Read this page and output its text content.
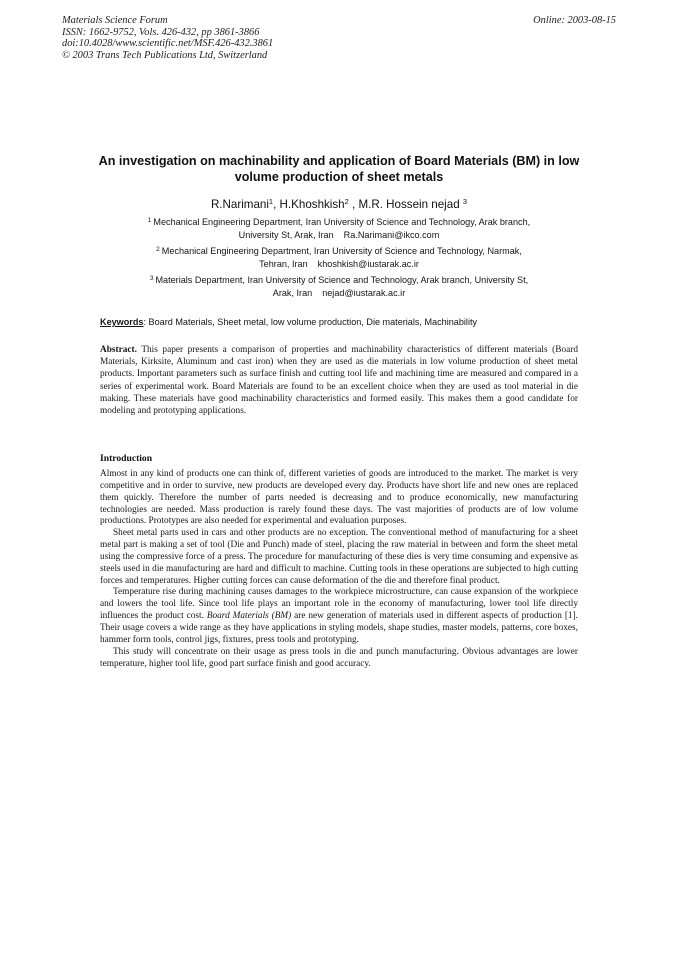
Materials Science Forum
ISSN: 1662-9752, Vols. 426-432, pp 3861-3866
doi:10.4028/www.scientific.net/MSF.426-432.3861
© 2003 Trans Tech Publications Ltd, Switzerland
Online: 2003-08-15
An investigation on machinability and application of Board Materials (BM) in low volume production of sheet metals
R.Narimani$^1$, H.Khoshkish$^2$ , M.R. Hossein nejad $^3$
$^1$ Mechanical Engineering Department, Iran University of Science and Technology, Arak branch,
University St, Arak, Iran Ra.Narimani@ikco.com
$^2$ Mechanical Engineering Department, Iran University of Science and Technology, Narmak,
Tehran, Iran khoshkish@iustarak.ac.ir
$^3$ Materials Department, Iran University of Science and Technology, Arak branch, University St,
Arak, Iran nejad@iustarak.ac.ir
Keywords: Board Materials, Sheet metal, low volume production, Die materials, Machinability
Abstract. This paper presents a comparison of properties and machinability characteristics of different materials (Board Materials, Kirksite, Aluminum and cast iron) when they are used as die materials in low volume production of sheet metal products. Important parameters such as surface finish and cutting tool life and machining time are measured and compared in a series of experimental work. Board Materials are found to be an excellent choice when they are used as tool material in die making. These materials have good machinability characteristics and formed easily. This makes them a good candidate for modeling and prototyping applications.
Introduction

Almost in any kind of products one can think of, different varieties of goods are introduced to the market. The market is very competitive and in order to survive, new products are developed every day. Products have short life and new ones are replaced them quickly. Therefore the number of parts needed is decreasing and to produce economically, new manufacturing technologies are needed. Mass production is rarely found these days. The vast majorities of products are of low volume productions. Prototypes are also needed for experimental and evaluation purposes.

Sheet metal parts used in cars and other products are no exception. The conventional method of manufacturing for a sheet metal part is making a set of tool (Die and Punch) made of steel, placing the raw material in between and form the sheet metal using the compressive force of a press. The procedure for manufacturing of these dies is very time consuming and expensive as steels used in die manufacturing are hard and difficult to machine. Cutting tools in these operations are subjected to high cutting forces and temperatures. Higher cutting forces can cause deformation of the die and therefore final product.

Temperature rise during machining causes damages to the workpiece microstructure, can cause expansion of the workpiece and lowers the tool life. Since tool life plays an important role in the economy of manufacturing, lower tool life directly influences the product cost. Board Materials (BM) are new generation of materials used in different aspects of production [1]. Their usage covers a wide range as they have applications in styling models, shape studies, master models, patterns, core boxes, hammer form tools, control jigs, fixtures, press tools and prototyping.

This study will concentrate on their usage as press tools in die and punch manufacturing. Obvious advantages are lower temperature, higher tool life, good part surface finish and good accuracy.
